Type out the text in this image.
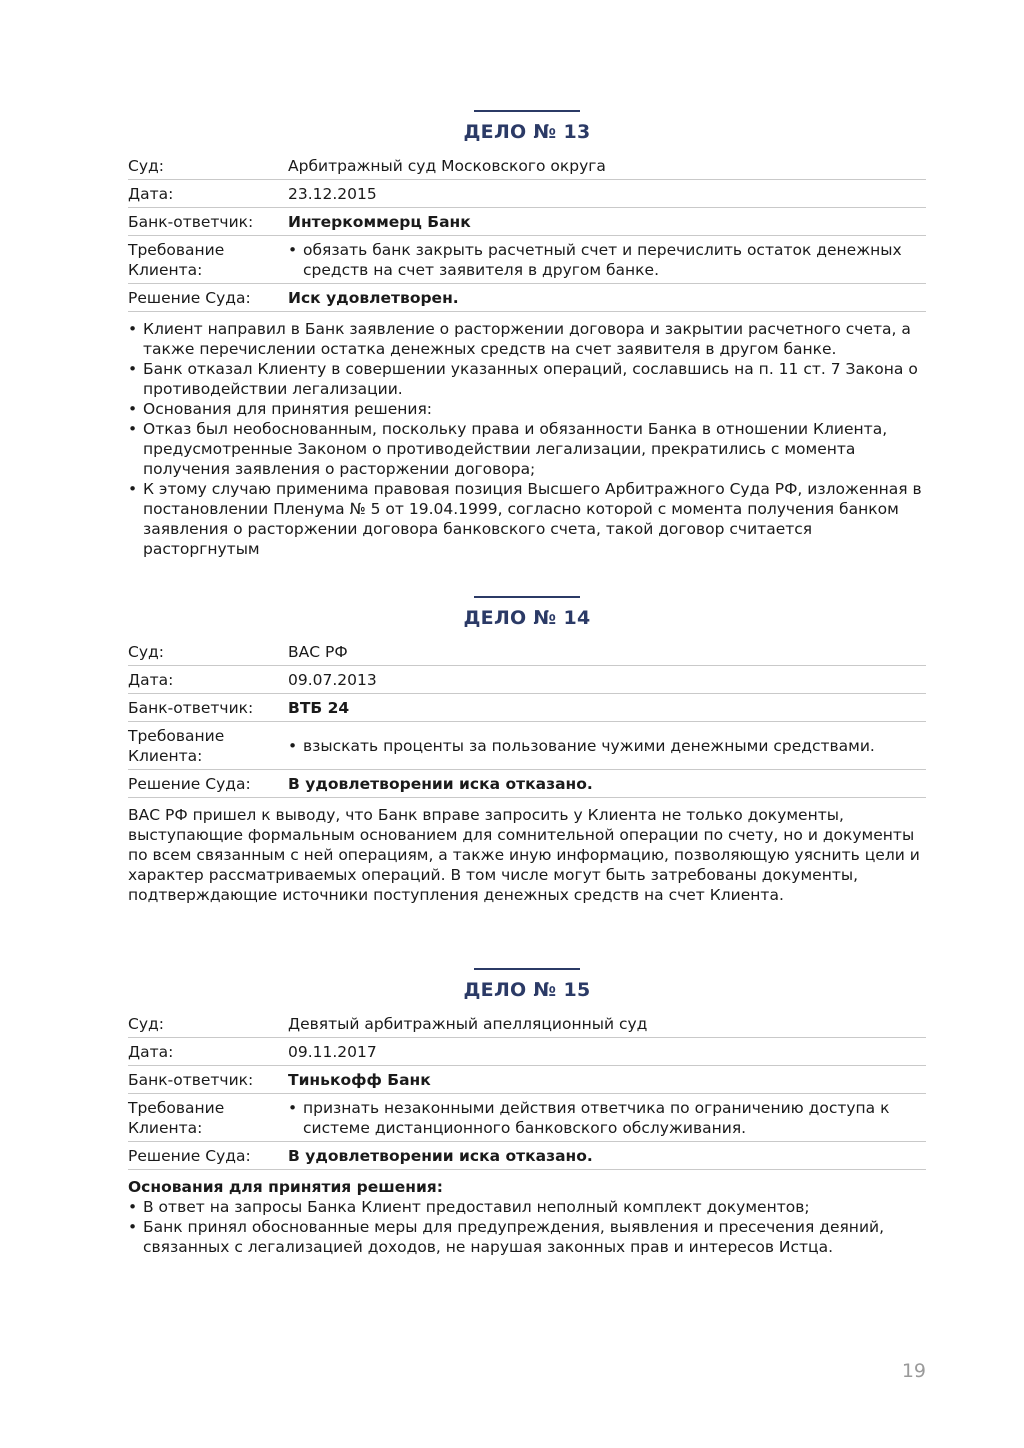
ДЕЛО № 13
Суд:	Арбитражный суд Московского округа
Дата:	23.12.2015
Банк-ответчик:	Интеркоммерц Банк
Требование
Клиента:
• обязать банк закрыть расчетный счет и перечислить остаток денежных средств на счет заявителя в другом банке.
Решение Суда:	Иск удовлетворен.
• Клиент направил в Банк заявление о расторжении договора и закрытии расчетного счета, а также перечислении остатка денежных средств на счет заявителя в другом банке.
• Банк отказал Клиенту в совершении указанных операций, сославшись на п. 11 ст. 7 Закона о противодействии легализации.
• Основания для принятия решения:
• Отказ был необоснованным, поскольку права и обязанности Банка в отношении Клиента, предусмотренные Законом о противодействии легализации, прекратились с момента получения заявления о расторжении договора;
• К этому случаю применима правовая позиция Высшего Арбитражного Суда РФ, изложенная в постановлении Пленума № 5 от 19.04.1999, согласно которой с момента получения банком заявления о расторжении договора банковского счета, такой договор считается расторгнутым
ДЕЛО № 14
Суд:	ВАС РФ
Дата:	09.07.2013
Банк-ответчик:	ВТБ 24
Требование
Клиента:
• взыскать проценты за пользование чужими денежными средствами.
Решение Суда:	В удовлетворении иска отказано.
ВАС РФ пришел к выводу, что Банк вправе запросить у Клиента не только документы, выступающие формальным основанием для сомнительной операции по счету, но и документы по всем связанным с ней операциям, а также иную информацию, позволяющую уяснить цели и характер рассматриваемых операций. В том числе могут быть затребованы документы, подтверждающие источники поступления денежных средств на счет Клиента.
ДЕЛО № 15
Суд:	Девятый арбитражный апелляционный суд
Дата:	09.11.2017
Банк-ответчик:	Тинькофф Банк
Требование
Клиента:
• признать незаконными действия ответчика по ограничению доступа к системе дистанционного банковского обслуживания.
Решение Суда:	В удовлетворении иска отказано.
Основания для принятия решения:
• В ответ на запросы Банка Клиент предоставил неполный комплект документов;
• Банк принял обоснованные меры для предупреждения, выявления и пресечения деяний, связанных с легализацией доходов, не нарушая законных прав и интересов Истца.
19
